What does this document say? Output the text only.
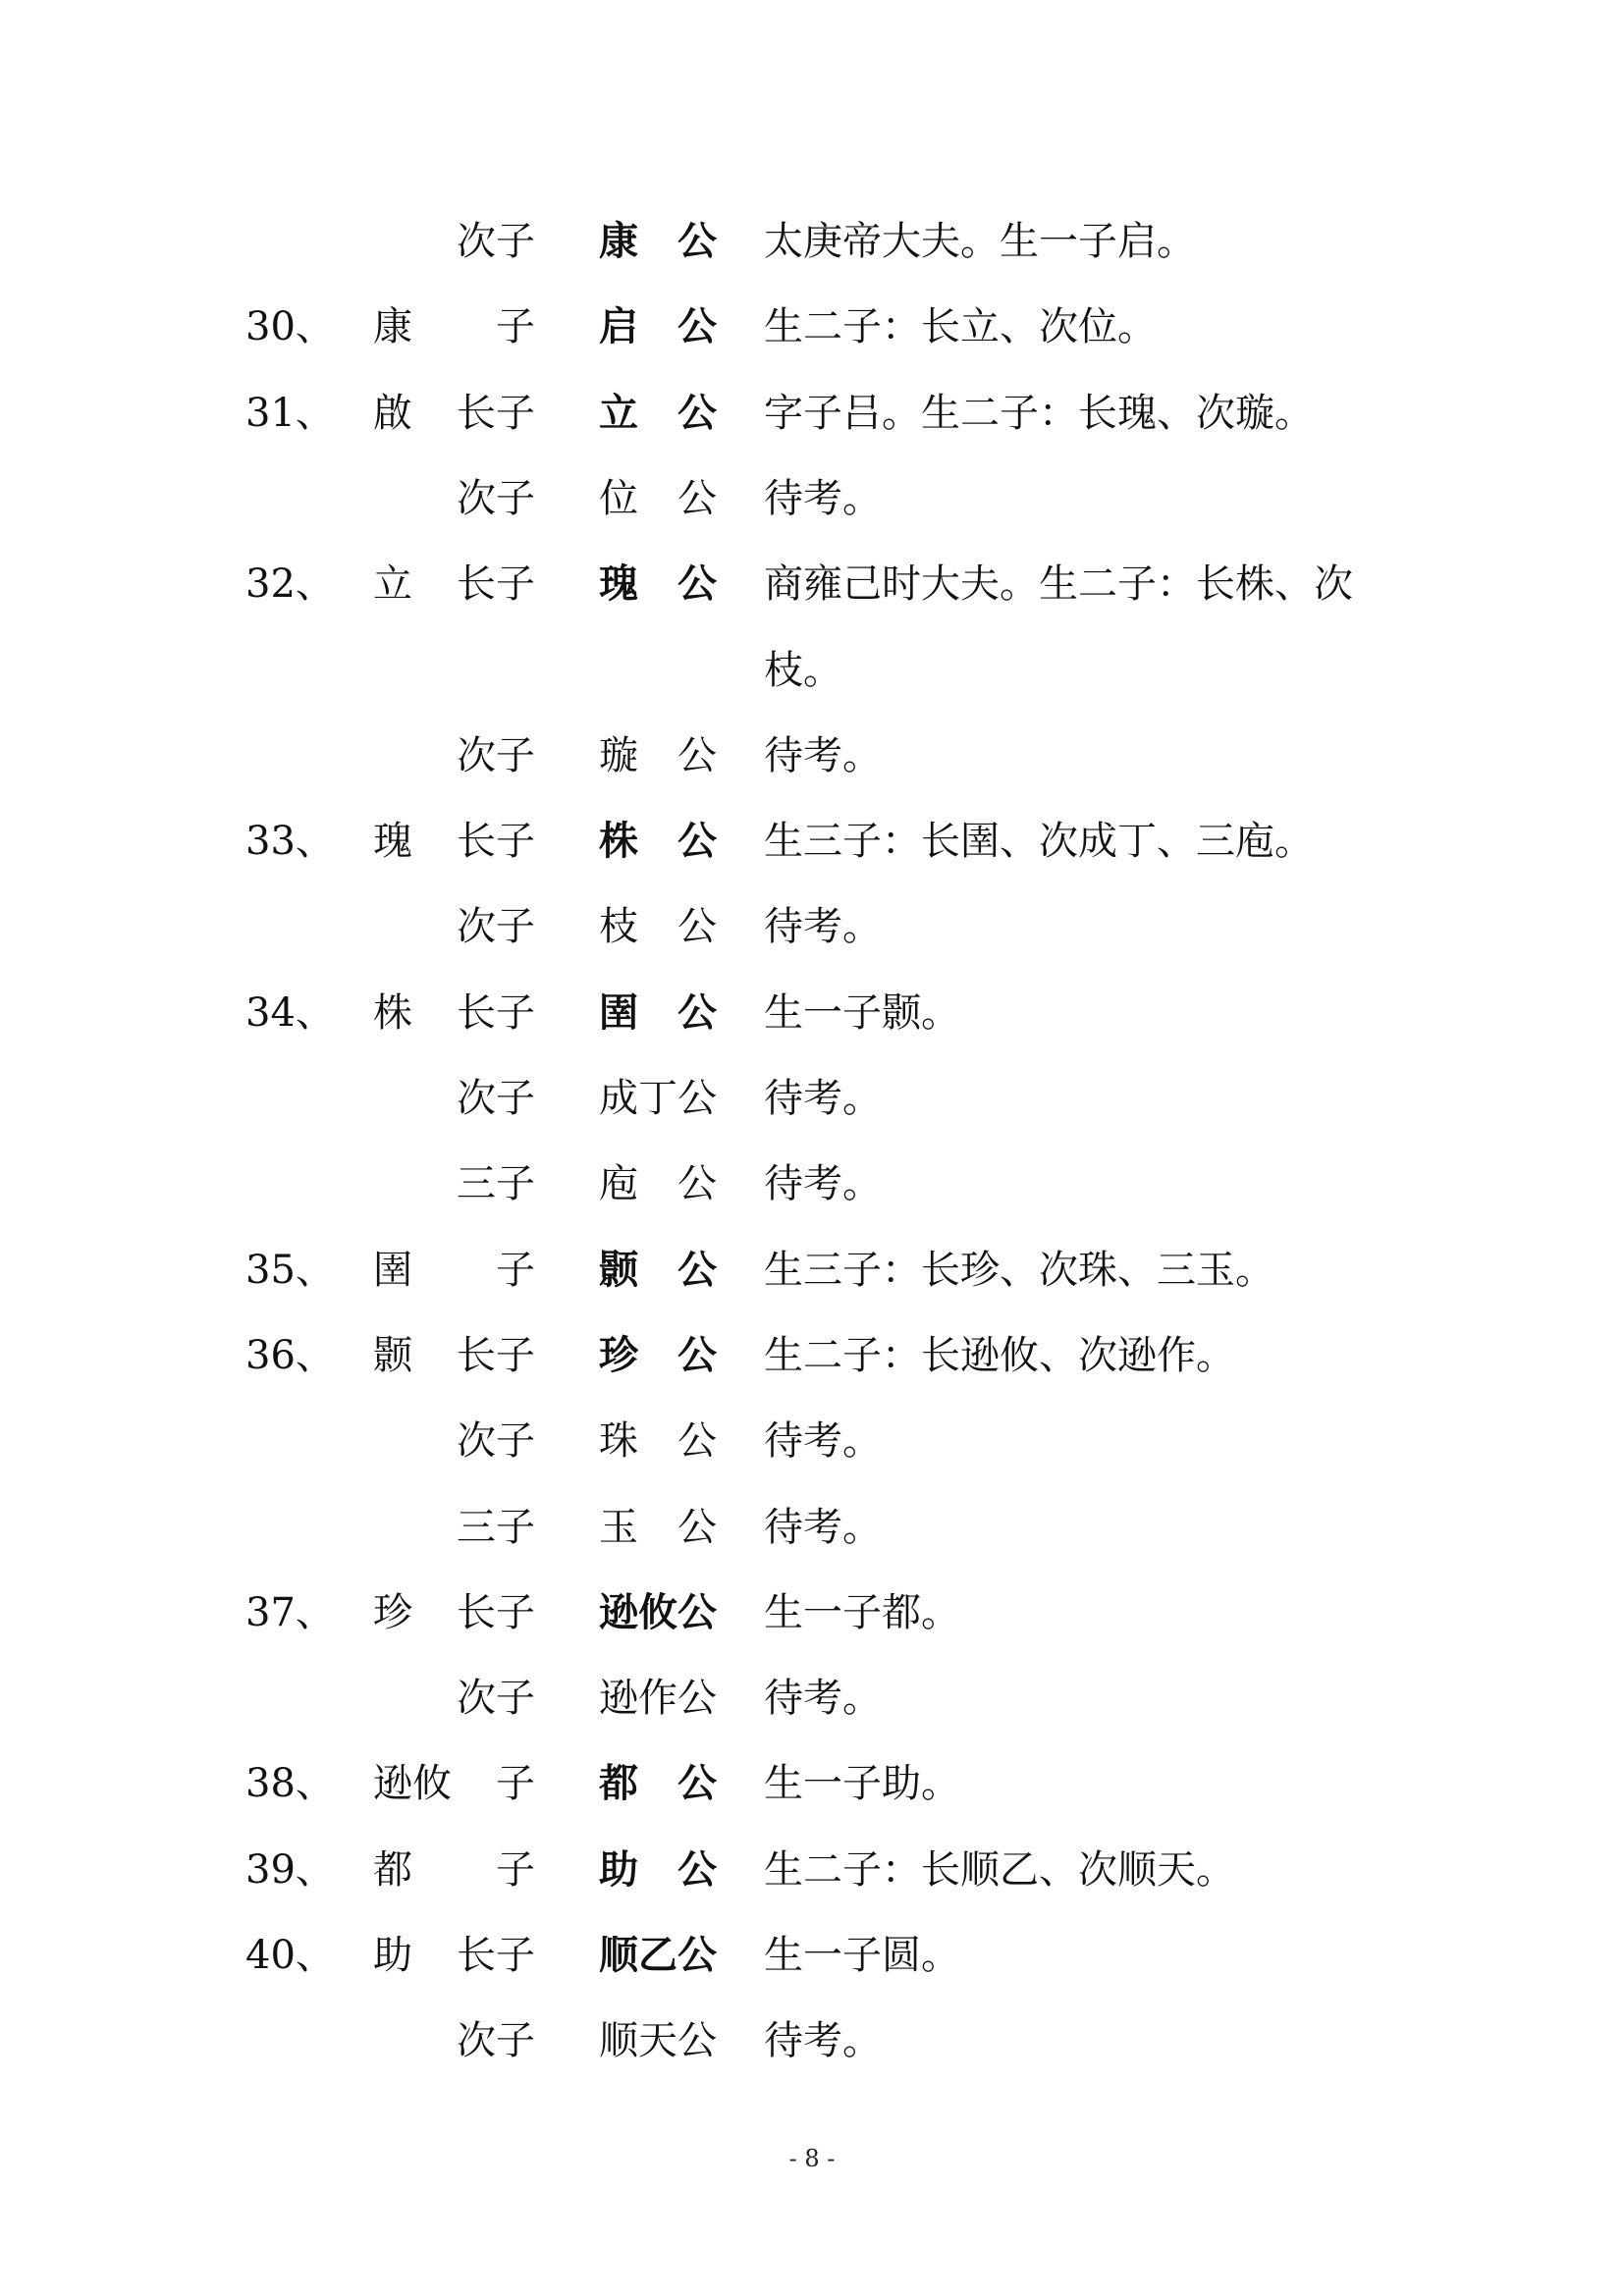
次子 康　公 太庚帝大夫。生一子启。
30、 康	　子 启　公 生二子：长立、次位。
31、 啟	长子 立　公 字子吕。生二子：长瑰、次璇。
次子 位　公 待考。
32、 立	长子 瑰　公 商雍己时大夫。生二子：长株、次
枝。
次子 璇　公 待考。
33、 瑰	长子 株　公 生三子：长圉、次成丁、三庖。
次子 枝　公 待考。
34、 株	长子 圉　公 生一子颢。
次子 成丁公 待考。
三子 庖　公 待考。
35、 圉	　子 颢　公 生三子：长珍、次珠、三玉。
36、 颢	长子 珍　公 生二子：长逊攸、次逊作。
次子 珠　公 待考。
三子 玉　公 待考。
37、 珍	长子 逊攸公 生一子都。
次子 逊作公 待考。
38、 逊攸 　子 都　公 生一子助。
39、 都	　子 助　公 生二子：长顺乙、次顺天。
40、 助	长子 顺乙公 生一子圆。
次子 顺天公 待考。
- 8 -
